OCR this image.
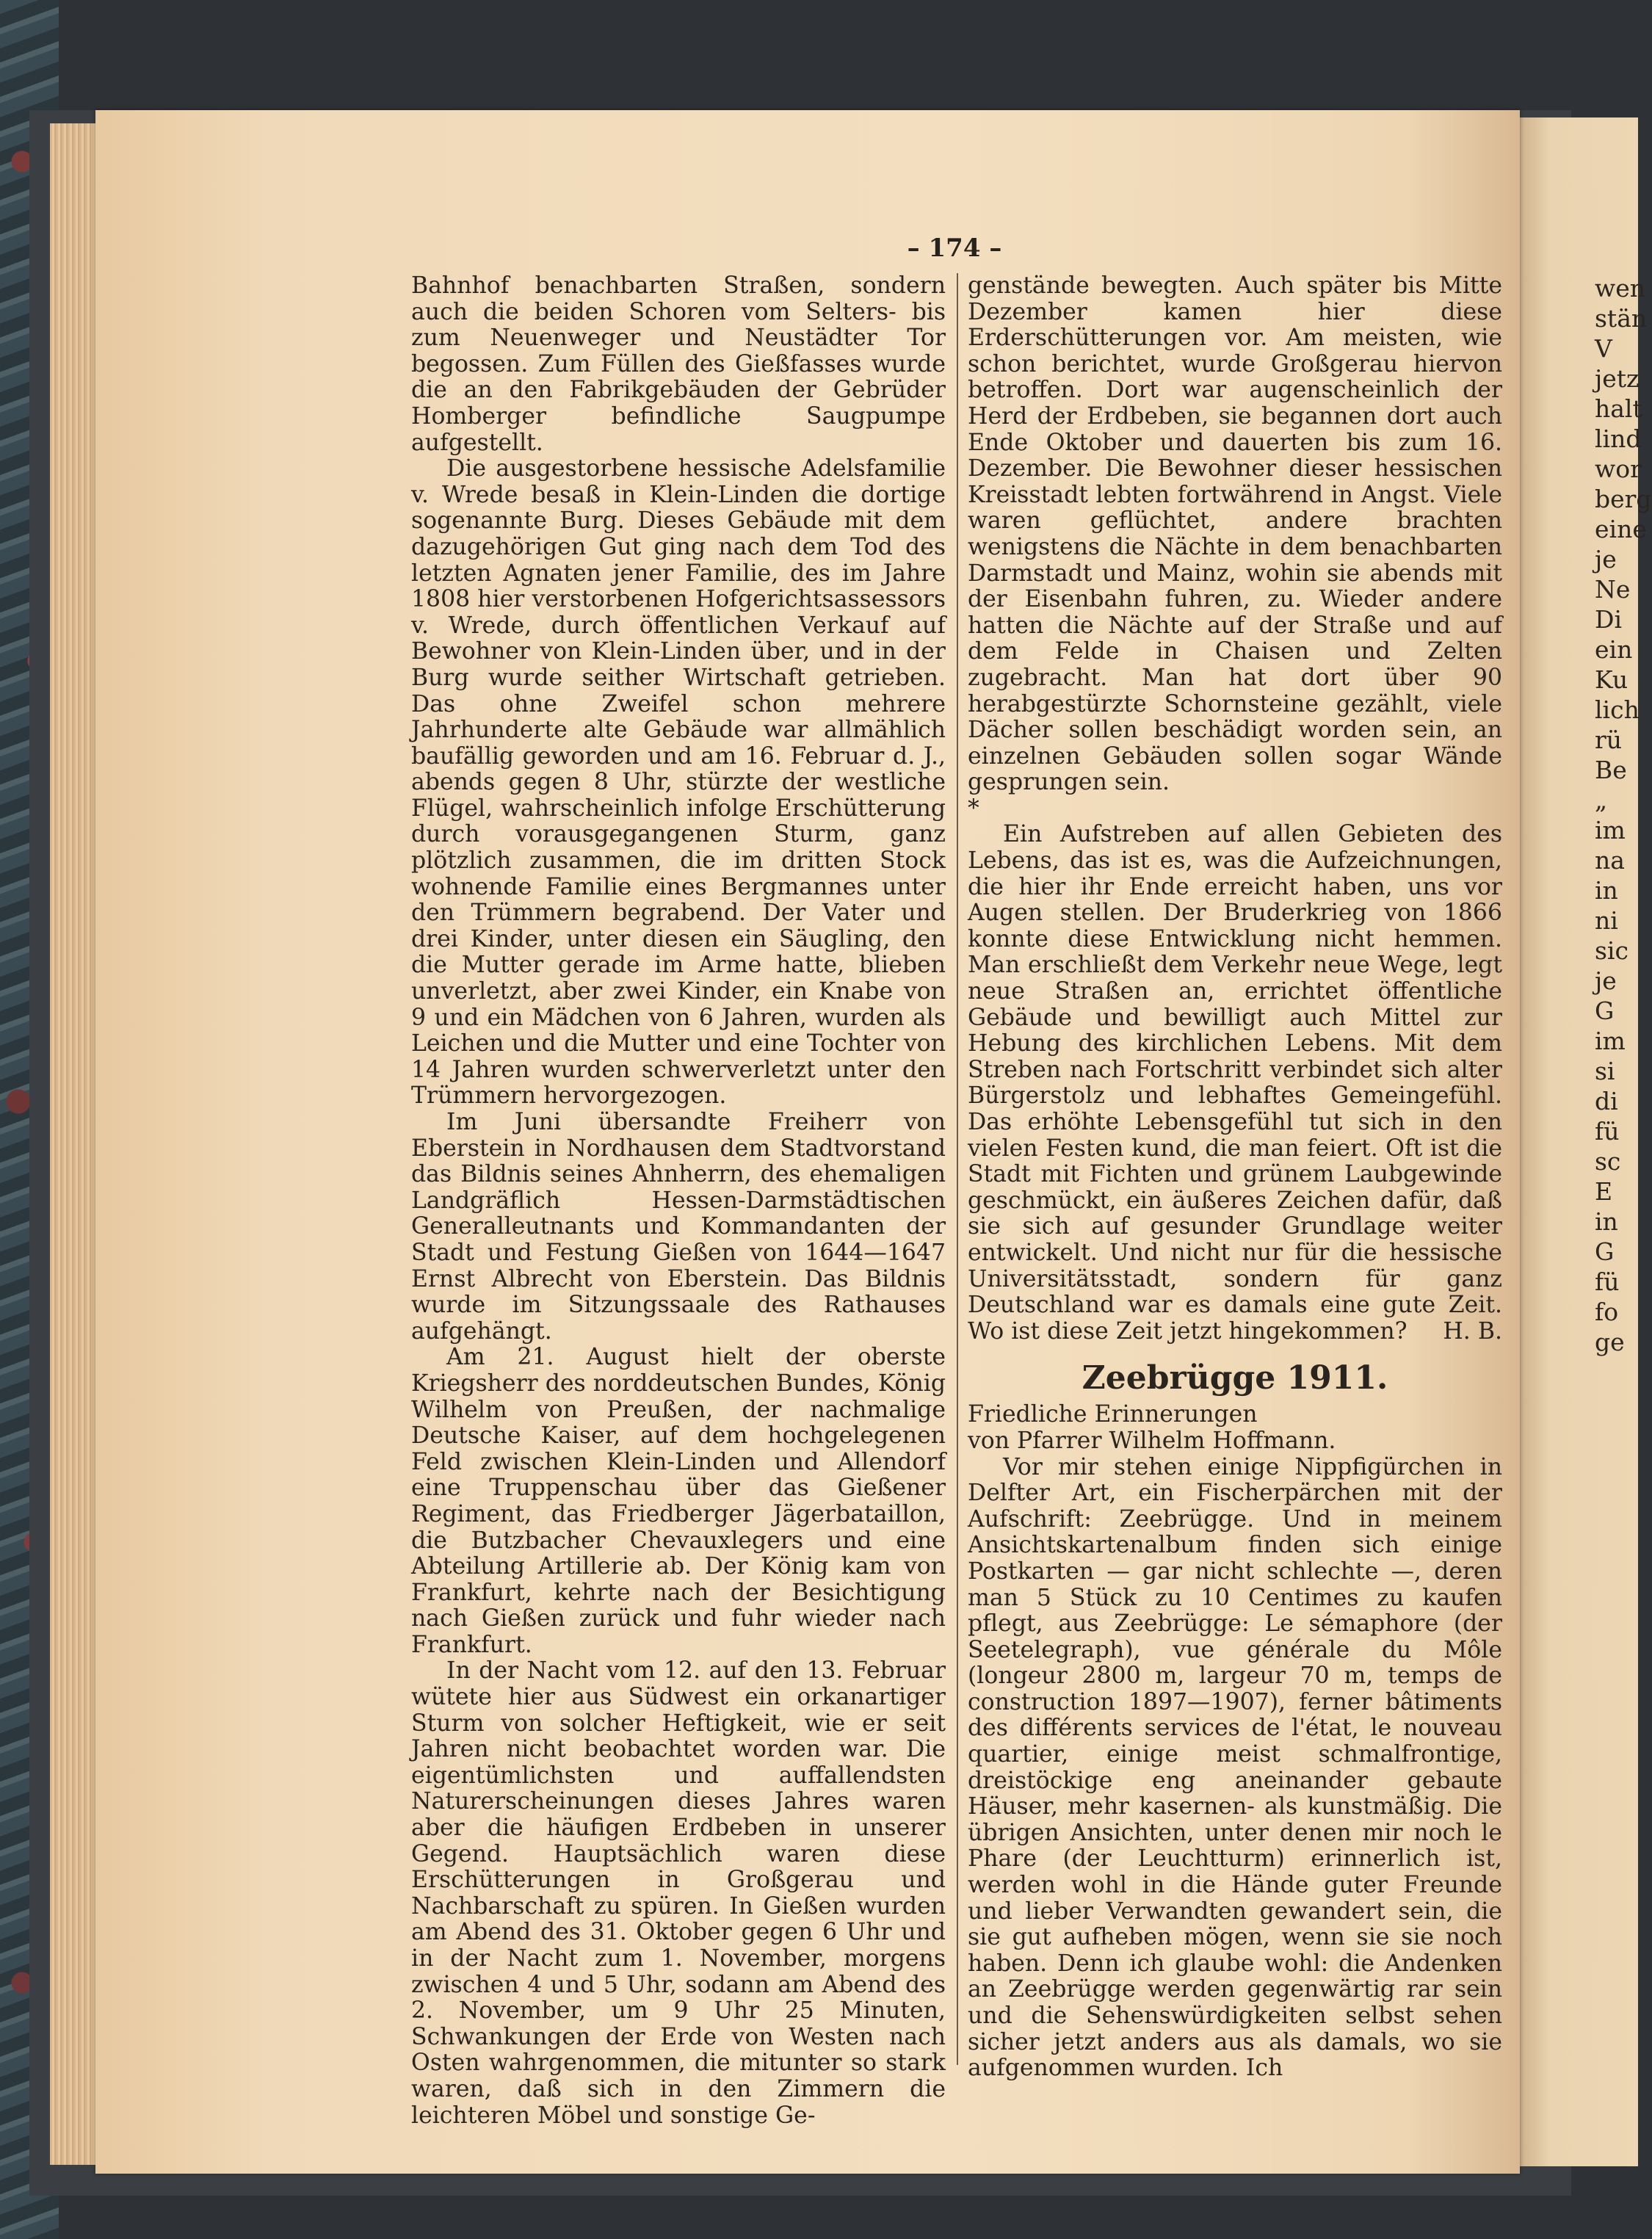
wen
stän
V
jetz
halt
lind
wor
berg
eine
je
Ne
Di
ein
Ku
lich
rü
Be
„
im
na
in
ni
sic
je
G
im
si
di
fü
sc
E
in
G
fü
fo
ge
– 174 –

Bahnhof benachbarten Straßen, sondern auch die beiden Schoren vom Selters- bis zum Neuenweger und Neustädter Tor begossen. Zum Füllen des Gießfasses wurde die an den Fabrikgebäuden der Gebrüder Homberger befindliche Saugpumpe aufgestellt.

Die ausgestorbene hessische Adelsfamilie v. Wrede besaß in Klein-Linden die dortige sogenannte Burg. Dieses Gebäude mit dem dazugehörigen Gut ging nach dem Tod des letzten Agnaten jener Familie, des im Jahre 1808 hier verstorbenen Hofgerichtsassessors v. Wrede, durch öffentlichen Verkauf auf Bewohner von Klein-Linden über, und in der Burg wurde seither Wirtschaft getrieben. Das ohne Zweifel schon mehrere Jahrhunderte alte Gebäude war allmählich baufällig geworden und am 16. Februar d. J., abends gegen 8 Uhr, stürzte der westliche Flügel, wahrscheinlich infolge Erschütterung durch vorausgegangenen Sturm, ganz plötzlich zusammen, die im dritten Stock wohnende Familie eines Bergmannes unter den Trümmern begrabend. Der Vater und drei Kinder, unter diesen ein Säugling, den die Mutter gerade im Arme hatte, blieben unverletzt, aber zwei Kinder, ein Knabe von 9 und ein Mädchen von 6 Jahren, wurden als Leichen und die Mutter und eine Tochter von 14 Jahren wurden schwerverletzt unter den Trümmern hervorgezogen.

Im Juni übersandte Freiherr von Eberstein in Nordhausen dem Stadtvorstand das Bildnis seines Ahnherrn, des ehemaligen Landgräflich Hessen-Darmstädtischen Generalleutnants und Kommandanten der Stadt und Festung Gießen von 1644—1647 Ernst Albrecht von Eberstein. Das Bildnis wurde im Sitzungssaale des Rathauses aufgehängt.

Am 21. August hielt der oberste Kriegsherr des norddeutschen Bundes, König Wilhelm von Preußen, der nachmalige Deutsche Kaiser, auf dem hochgelegenen Feld zwischen Klein-Linden und Allendorf eine Truppenschau über das Gießener Regiment, das Friedberger Jägerbataillon, die Butzbacher Chevauxlegers und eine Abteilung Artillerie ab. Der König kam von Frankfurt, kehrte nach der Besichtigung nach Gießen zurück und fuhr wieder nach Frankfurt.

In der Nacht vom 12. auf den 13. Februar wütete hier aus Südwest ein orkanartiger Sturm von solcher Heftigkeit, wie er seit Jahren nicht beobachtet worden war. Die eigentümlichsten und auffallendsten Naturerscheinungen dieses Jahres waren aber die häufigen Erdbeben in unserer Gegend. Hauptsächlich waren diese Erschütterungen in Großgerau und Nachbarschaft zu spüren. In Gießen wurden am Abend des 31. Oktober gegen 6 Uhr und in der Nacht zum 1. November, morgens zwischen 4 und 5 Uhr, sodann am Abend des 2. November, um 9 Uhr 25 Minuten, Schwankungen der Erde von Westen nach Osten wahrgenommen, die mitunter so stark waren, daß sich in den Zimmern die leichteren Möbel und sonstige Ge-

genstände bewegten. Auch später bis Mitte Dezember kamen hier diese Erderschütterungen vor. Am meisten, wie schon berichtet, wurde Großgerau hiervon betroffen. Dort war augenscheinlich der Herd der Erdbeben, sie begannen dort auch Ende Oktober und dauerten bis zum 16. Dezember. Die Bewohner dieser hessischen Kreisstadt lebten fortwährend in Angst. Viele waren geflüchtet, andere brachten wenigstens die Nächte in dem benachbarten Darmstadt und Mainz, wohin sie abends mit der Eisenbahn fuhren, zu. Wieder andere hatten die Nächte auf der Straße und auf dem Felde in Chaisen und Zelten zugebracht. Man hat dort über 90 herabgestürzte Schornsteine gezählt, viele Dächer sollen beschädigt worden sein, an einzelnen Gebäuden sollen sogar Wände gesprungen sein.

*

Ein Aufstreben auf allen Gebieten des Lebens, das ist es, was die Aufzeichnungen, die hier ihr Ende erreicht haben, uns vor Augen stellen. Der Bruderkrieg von 1866 konnte diese Entwicklung nicht hemmen. Man erschließt dem Verkehr neue Wege, legt neue Straßen an, errichtet öffentliche Gebäude und bewilligt auch Mittel zur Hebung des kirchlichen Lebens. Mit dem Streben nach Fortschritt verbindet sich alter Bürgerstolz und lebhaftes Gemeingefühl. Das erhöhte Lebensgefühl tut sich in den vielen Festen kund, die man feiert. Oft ist die Stadt mit Fichten und grünem Laubgewinde geschmückt, ein äußeres Zeichen dafür, daß sie sich auf gesunder Grundlage weiter entwickelt. Und nicht nur für die hessische Universitätsstadt, sondern für ganz Deutschland war es damals eine gute Zeit. Wo ist diese Zeit jetzt hingekommen?	H. B.

Zeebrügge 1911.

Friedliche Erinnerungen

von Pfarrer Wilhelm Hoffmann.

Vor mir stehen einige Nippfigürchen in Delfter Art, ein Fischerpärchen mit der Aufschrift: Zeebrügge. Und in meinem Ansichtskartenalbum finden sich einige Postkarten — gar nicht schlechte —, deren man 5 Stück zu 10 Centimes zu kaufen pflegt, aus Zeebrügge: Le sémaphore (der Seetelegraph), vue générale du Môle (longeur 2800 m, largeur 70 m, temps de construction 1897—1907), ferner bâtiments des différents services de l'état, le nouveau quartier, einige meist schmalfrontige, dreistöckige eng aneinander gebaute Häuser, mehr kasernen- als kunstmäßig. Die übrigen Ansichten, unter denen mir noch le Phare (der Leuchtturm) erinnerlich ist, werden wohl in die Hände guter Freunde und lieber Verwandten gewandert sein, die sie gut aufheben mögen, wenn sie sie noch haben. Denn ich glaube wohl: die Andenken an Zeebrügge werden gegenwärtig rar sein und die Sehenswürdigkeiten selbst sehen sicher jetzt anders aus als damals, wo sie aufgenommen wurden. Ich
